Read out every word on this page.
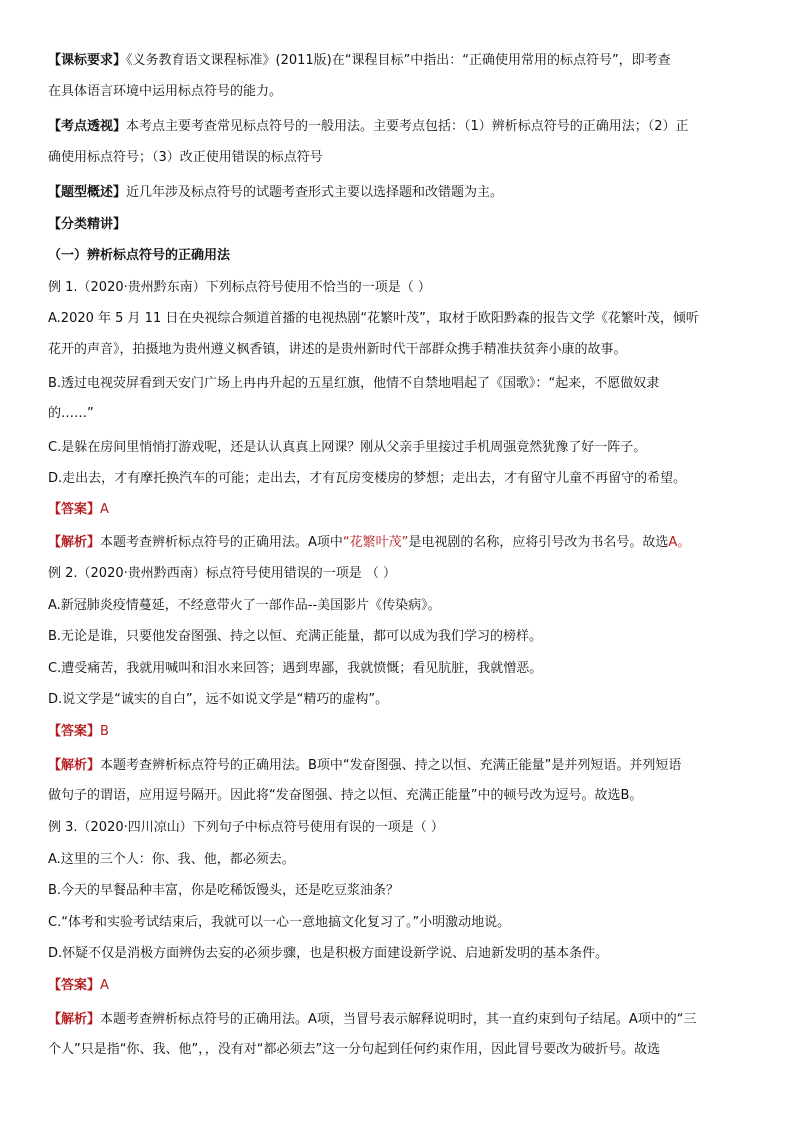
【课标要求】《义务教育语文课程标准》(2011版)在“课程目标”中指出：“正确使用常用的标点符号”，即考查
在具体语言环境中运用标点符号的能力。
【考点透视】本考点主要考查常见标点符号的一般用法。主要考点包括：（1）辨析标点符号的正确用法；（2）正
确使用标点符号；（3）改正使用错误的标点符号
【题型概述】近几年涉及标点符号的试题考查形式主要以选择题和改错题为主。
【分类精讲】
（一）辨析标点符号的正确用法
例 1.（2020·贵州黔东南）下列标点符号使用不恰当的一项是（ ）
A.2020 年 5 月 11 日在央视综合频道首播的电视热剧“花繁叶茂”，取材于欧阳黔森的报告文学《花繁叶茂，倾听
花开的声音》，拍摄地为贵州遵义枫香镇，讲述的是贵州新时代干部群众携手精准扶贫奔小康的故事。
B.透过电视荧屏看到天安门广场上冉冉升起的五星红旗，他情不自禁地唱起了《国歌》：“起来，不愿做奴隶
的……”
C.是躲在房间里悄悄打游戏呢，还是认认真真上网课？刚从父亲手里接过手机周强竟然犹豫了好一阵子。
D.走出去，才有摩托换汽车的可能；走出去，才有瓦房变楼房的梦想；走出去，才有留守儿童不再留守的希望。
【答案】A
【解析】本题考查辨析标点符号的正确用法。A项中“花繁叶茂”是电视剧的名称，应将引号改为书名号。故选A。
例 2.（2020·贵州黔西南）标点符号使用错误的一项是 （ ）
A.新冠肺炎疫情蔓延，不经意带火了一部作品--美国影片《传染病》。
B.无论是谁，只要他发奋图强、持之以恒、充满正能量，都可以成为我们学习的榜样。
C.遭受痛苦，我就用喊叫和泪水来回答；遇到卑鄙，我就愤慨；看见肮脏，我就憎恶。
D.说文学是“诚实的自白”，远不如说文学是“精巧的虚构”。
【答案】B
【解析】本题考查辨析标点符号的正确用法。B项中“发奋图强、持之以恒、充满正能量”是并列短语。并列短语
做句子的谓语，应用逗号隔开。因此将“发奋图强、持之以恒、充满正能量”中的顿号改为逗号。故选B。
例 3.（2020·四川凉山）下列句子中标点符号使用有误的一项是（ ）
A.这里的三个人：你、我、他，都必须去。
B.今天的早餐品种丰富，你是吃稀饭馒头，还是吃豆浆油条？
C.“体考和实验考试结束后，我就可以一心一意地搞文化复习了。”小明激动地说。
D.怀疑不仅是消极方面辨伪去妄的必须步骤，也是积极方面建设新学说、启迪新发明的基本条件。
【答案】A
【解析】本题考查辨析标点符号的正确用法。A项，当冒号表示解释说明时，其一直约束到句子结尾。A项中的“三
个人”只是指“你、我、他”，，没有对“都必须去”这一分句起到任何约束作用，因此冒号要改为破折号。故选
